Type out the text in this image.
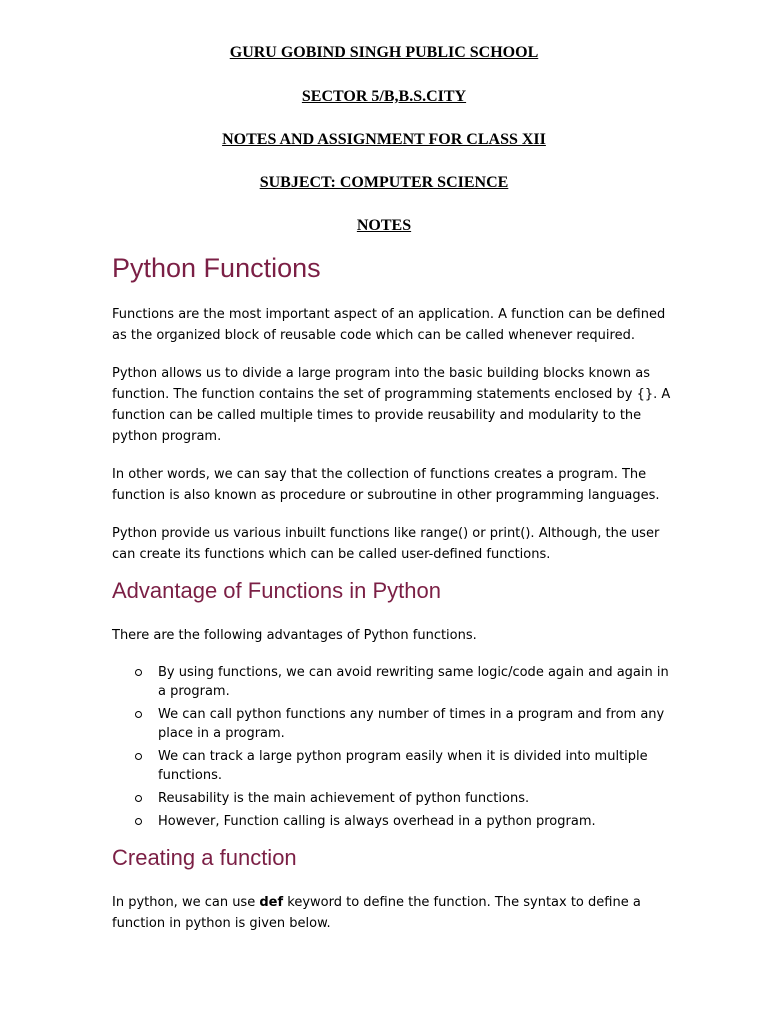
GURU GOBIND SINGH PUBLIC SCHOOL
SECTOR 5/B,B.S.CITY
NOTES AND ASSIGNMENT FOR CLASS XII
SUBJECT: COMPUTER SCIENCE
NOTES
Python Functions
Functions are the most important aspect of an application. A function can be defined as the organized block of reusable code which can be called whenever required.
Python allows us to divide a large program into the basic building blocks known as function. The function contains the set of programming statements enclosed by {}. A function can be called multiple times to provide reusability and modularity to the python program.
In other words, we can say that the collection of functions creates a program. The function is also known as procedure or subroutine in other programming languages.
Python provide us various inbuilt functions like range() or print(). Although, the user can create its functions which can be called user-defined functions.
Advantage of Functions in Python
There are the following advantages of Python functions.
By using functions, we can avoid rewriting same logic/code again and again in a program.
We can call python functions any number of times in a program and from any place in a program.
We can track a large python program easily when it is divided into multiple functions.
Reusability is the main achievement of python functions.
However, Function calling is always overhead in a python program.
Creating a function
In python, we can use def keyword to define the function. The syntax to define a function in python is given below.
